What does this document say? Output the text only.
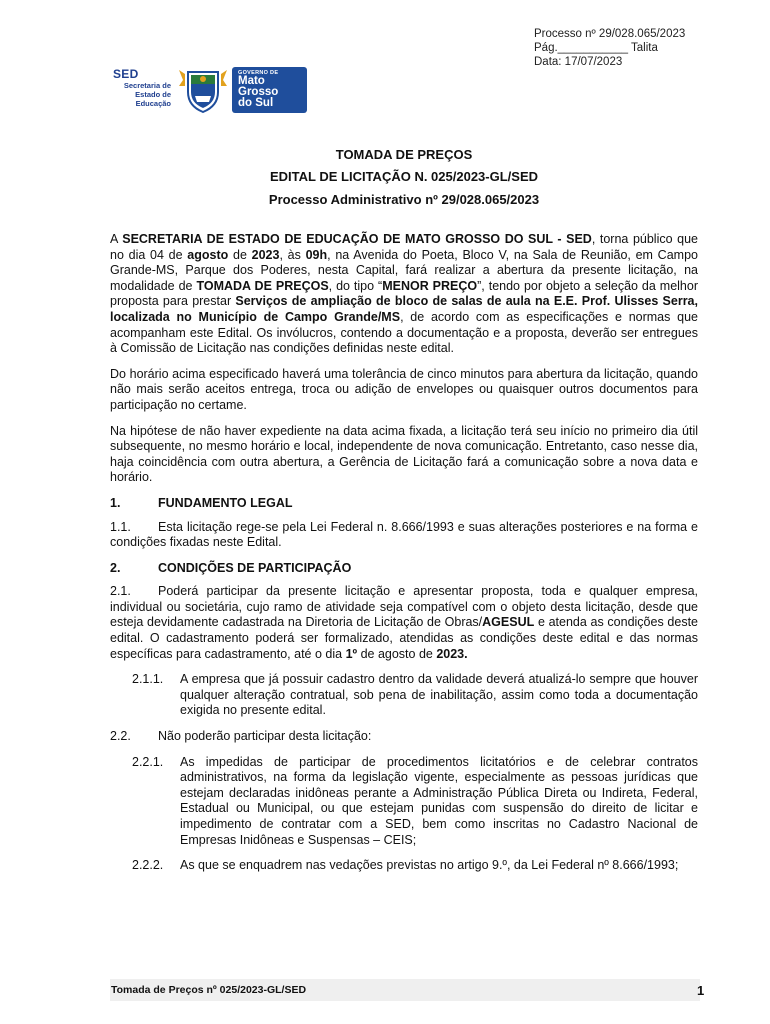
Processo nº 29/028.065/2023
Pág.___________ Talita
Data: 17/07/2023
SED
Secretaria de
Estado de
Educação
GOVERNO DE
Mato
Grosso
do Sul
TOMADA DE PREÇOS
EDITAL DE LICITAÇÃO N. 025/2023-GL/SED
Processo Administrativo nº 29/028.065/2023

A SECRETARIA DE ESTADO DE EDUCAÇÃO DE MATO GROSSO DO SUL - SED, torna público que no dia 04 de agosto de 2023, às 09h, na Avenida do Poeta, Bloco V, na Sala de Reunião, em Campo Grande-MS, Parque dos Poderes, nesta Capital, fará realizar a abertura da presente licitação, na modalidade de TOMADA DE PREÇOS, do tipo “MENOR PREÇO”, tendo por objeto a seleção da melhor proposta para prestar Serviços de ampliação de bloco de salas de aula na E.E. Prof. Ulisses Serra, localizada no Município de Campo Grande/MS, de acordo com as especificações e normas que acompanham este Edital. Os invólucros, contendo a documentação e a proposta, deverão ser entregues à Comissão de Licitação nas condições definidas neste edital.

Do horário acima especificado haverá uma tolerância de cinco minutos para abertura da licitação, quando não mais serão aceitos entrega, troca ou adição de envelopes ou quaisquer outros documentos para participação no certame.

Na hipótese de não haver expediente na data acima fixada, a licitação terá seu início no primeiro dia útil subsequente, no mesmo horário e local, independente de nova comunicação. Entretanto, caso nesse dia, haja coincidência com outra abertura, a Gerência de Licitação fará a comunicação sobre a nova data e horário.

1.	FUNDAMENTO LEGAL
1.1. Esta licitação rege-se pela Lei Federal n. 8.666/1993 e suas alterações posteriores e na forma e condições fixadas neste Edital.
2.	CONDIÇÕES DE PARTICIPAÇÃO

2.1. Poderá participar da presente licitação e apresentar proposta, toda e qualquer empresa, individual ou societária, cujo ramo de atividade seja compatível com o objeto desta licitação, desde que esteja devidamente cadastrada na Diretoria de Licitação de Obras/AGESUL e atenda as condições deste edital. O cadastramento poderá ser formalizado, atendidas as condições deste edital e das normas específicas para cadastramento, até o dia 1º de agosto de 2023.

2.1.1.	A empresa que já possuir cadastro dentro da validade deverá atualizá-lo sempre que houver qualquer alteração contratual, sob pena de inabilitação, assim como toda a documentação exigida no presente edital.
2.2.	Não poderão participar desta licitação:
2.2.1.	As impedidas de participar de procedimentos licitatórios e de celebrar contratos administrativos, na forma da legislação vigente, especialmente as pessoas jurídicas que estejam declaradas inidôneas perante a Administração Pública Direta ou Indireta, Federal, Estadual ou Municipal, ou que estejam punidas com suspensão do direito de licitar e impedimento de contratar com a SED, bem como inscritas no Cadastro Nacional de Empresas Inidôneas e Suspensas – CEIS;
2.2.2.	As que se enquadrem nas vedações previstas no artigo 9.º, da Lei Federal nº 8.666/1993;
Tomada de Preços nº 025/2023-GL/SED	1
